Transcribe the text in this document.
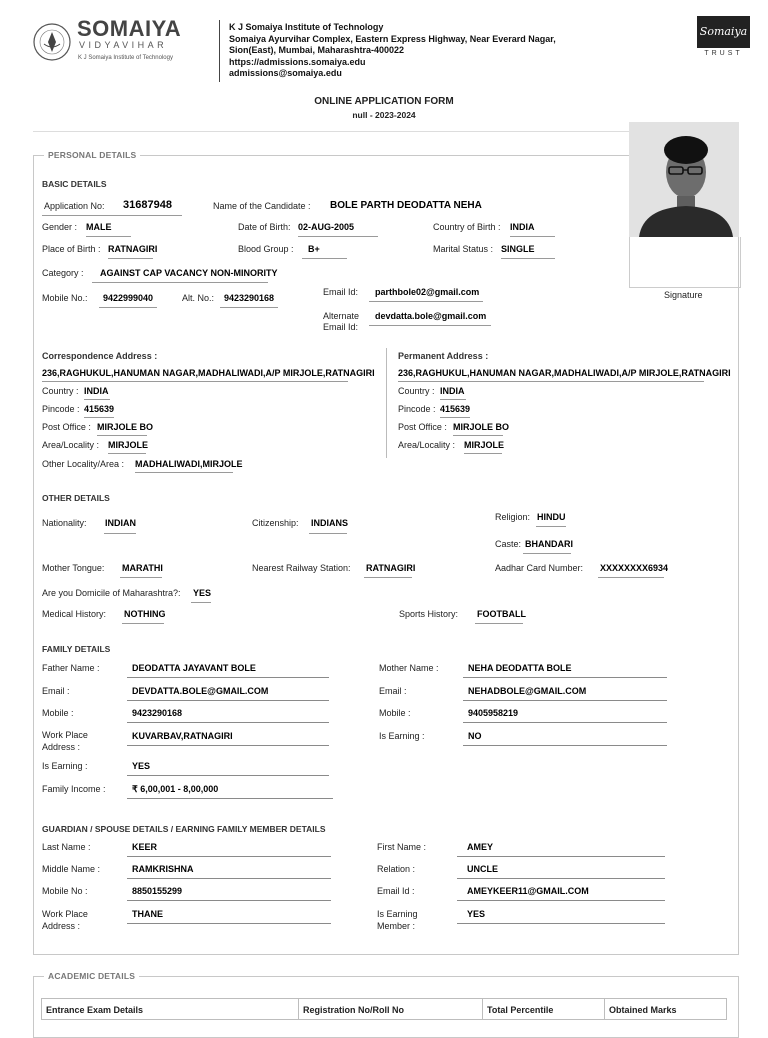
SOMAIYA
VIDYAVIHAR
K J Somaiya Institute of Technology
K J Somaiya Institute of Technology
Somaiya Ayurvihar Complex, Eastern Express Highway, Near Everard Nagar,
Sion(East), Mumbai, Maharashtra-400022
https://admissions.somaiya.edu
admissions@somaiya.edu
Somaiya
TRUST
ONLINE APPLICATION FORM
null - 2023-2024
PERSONAL DETAILS
Signature
BASIC DETAILS
Application No: 31687948	Name of the Candidate : BOLE PARTH DEODATTA NEHA
Gender : MALE	Date of Birth: 02-AUG-2005	Country of Birth : INDIA
Place of Birth : RATNAGIRI	Blood Group : B+	Marital Status : SINGLE
Category : AGAINST CAP VACANCY NON-MINORITY
Mobile No.: 9422999040	Alt. No.: 9423290168
Email Id: parthbole02@gmail.com
Alternate
Email Id:
devdatta.bole@gmail.com
Correspondence Address :
236,RAGHUKUL,HANUMAN NAGAR,MADHALIWADI,A/P MIRJOLE,RATNAGIRI
Country : INDIA
Pincode : 415639
Post Office : MIRJOLE BO
Area/Locality : MIRJOLE
Other Locality/Area : MADHALIWADI,MIRJOLE
Permanent Address :
236,RAGHUKUL,HANUMAN NAGAR,MADHALIWADI,A/P MIRJOLE,RATNAGIRI
Country : INDIA
Pincode : 415639
Post Office : MIRJOLE BO
Area/Locality : MIRJOLE
OTHER DETAILS
Nationality: INDIAN	Citizenship: INDIANS
Religion: HINDU
Caste: BHANDARI
Mother Tongue: MARATHI	Nearest Railway Station: RATNAGIRI	Aadhar Card Number: XXXXXXXX6934
Are you Domicile of Maharashtra?: YES
Medical History: NOTHING	Sports History: FOOTBALL
FAMILY DETAILS
Father Name :	DEODATTA JAYAVANT BOLE
Email :	DEVDATTA.BOLE@GMAIL.COM
Mobile :	9423290168
Work Place
Address :
KUVARBAV,RATNAGIRI
Is Earning :	YES
Family Income :	₹ 6,00,001 - 8,00,000
Mother Name :	NEHA DEODATTA BOLE
Email :	NEHADBOLE@GMAIL.COM
Mobile :	9405958219
Is Earning :	NO
GUARDIAN / SPOUSE DETAILS / EARNING FAMILY MEMBER DETAILS
Last Name :	KEER
Middle Name :	RAMKRISHNA
Mobile No :	8850155299
Work Place
Address :
THANE
First Name :	AMEY
Relation :	UNCLE
Email Id :	AMEYKEER11@GMAIL.COM
Is Earning
Member :
YES
ACADEMIC DETAILS
Entrance Exam Details	Registration No/Roll No	Total Percentile	Obtained Marks
